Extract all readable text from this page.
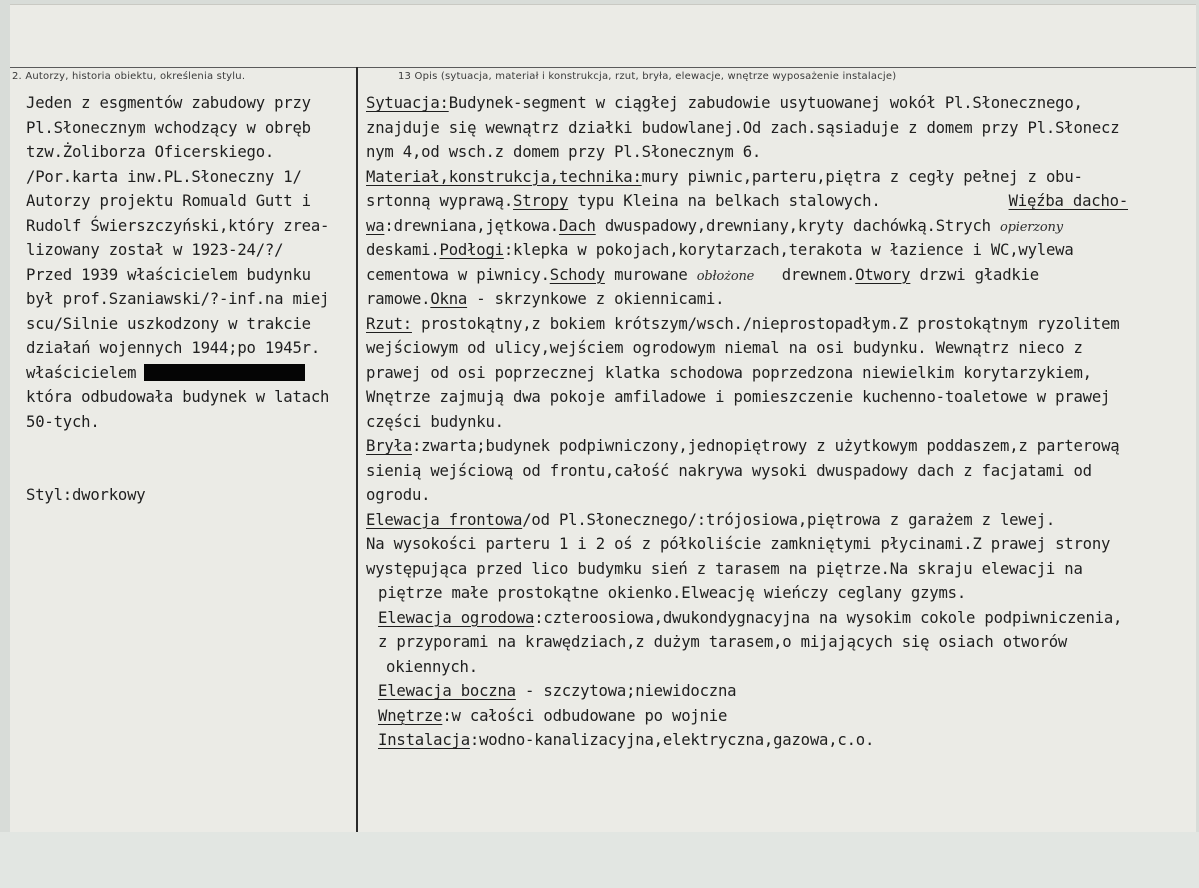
2. Autorzy, historia obiektu, określenia stylu.	13 Opis (sytuacja, materiał i konstrukcja, rzut, bryła, elewacje, wnętrze wyposażenie instalacje)
Jeden z esgmentów zabudowy przy
Pl.Słonecznym wchodzący w obręb
tzw.Żoliborza Oficerskiego.
/Por.karta inw.PL.Słoneczny 1/
Autorzy projektu Romuald Gutt i
Rudolf Świerszczyński,który zrea-
lizowany został w 1923-24/?/
Przed 1939 właścicielem budynku
był prof.Szaniawski/?-inf.na miej
scu/Silnie uszkodzony w trakcie
działań wojennych 1944;po 1945r.
właścicielem
która odbudowała budynek w latach
50-tych.
Styl:dworkowy
Sytuacja:Budynek-segment w ciągłej zabudowie usytuowanej wokół Pl.Słonecznego,
znajduje się wewnątrz działki budowlanej.Od zach.sąsiaduje z domem przy Pl.Słonecz
nym 4,od wsch.z domem przy Pl.Słonecznym 6.
Materiał,konstrukcja,technika:mury piwnic,parteru,piętra z cegły pełnej z obu-
srtonną wyprawą.Stropy typu Kleina na belkach stalowych.	Więźba dacho-
wa:drewniana,jętkowa.Dach dwuspadowy,drewniany,kryty dachówką.Strych opierzony
deskami.Podłogi:klepka w pokojach,korytarzach,terakota w łazience i WC,wylewa
cementowa w piwnicy.Schody murowane obłożone   drewnem.Otwory drzwi gładkie
ramowe.Okna - skrzynkowe z okiennicami.
Rzut: prostokątny,z bokiem krótszym/wsch./nieprostopadłym.Z prostokątnym ryzolitem
wejściowym od ulicy,wejściem ogrodowym niemal na osi budynku. Wewnątrz nieco z
prawej od osi poprzecznej klatka schodowa poprzedzona niewielkim korytarzykiem,
Wnętrze zajmują dwa pokoje amfiladowe i pomieszczenie kuchenno-toaletowe w prawej
części budynku.
Bryła:zwarta;budynek podpiwniczony,jednopiętrowy z użytkowym poddaszem,z parterową
sienią wejściową od frontu,całość nakrywa wysoki dwuspadowy dach z facjatami od
ogrodu.
Elewacja frontowa/od Pl.Słonecznego/:trójosiowa,piętrowa z garażem z lewej.
Na wysokości parteru 1 i 2 oś z półkoliście zamkniętymi płycinami.Z prawej strony
występująca przed lico budymku sień z tarasem na piętrze.Na skraju elewacji na
piętrze małe prostokątne okienko.Elweację wieńczy ceglany gzyms.
Elewacja ogrodowa:czteroosiowa,dwukondygnacyjna na wysokim cokole podpiwniczenia,
z przyporami na krawędziach,z dużym tarasem,o mijających się osiach otworów
okiennych.
Elewacja boczna - szczytowa;niewidoczna
Wnętrze:w całości odbudowane po wojnie
Instalacja:wodno-kanalizacyjna,elektryczna,gazowa,c.o.
